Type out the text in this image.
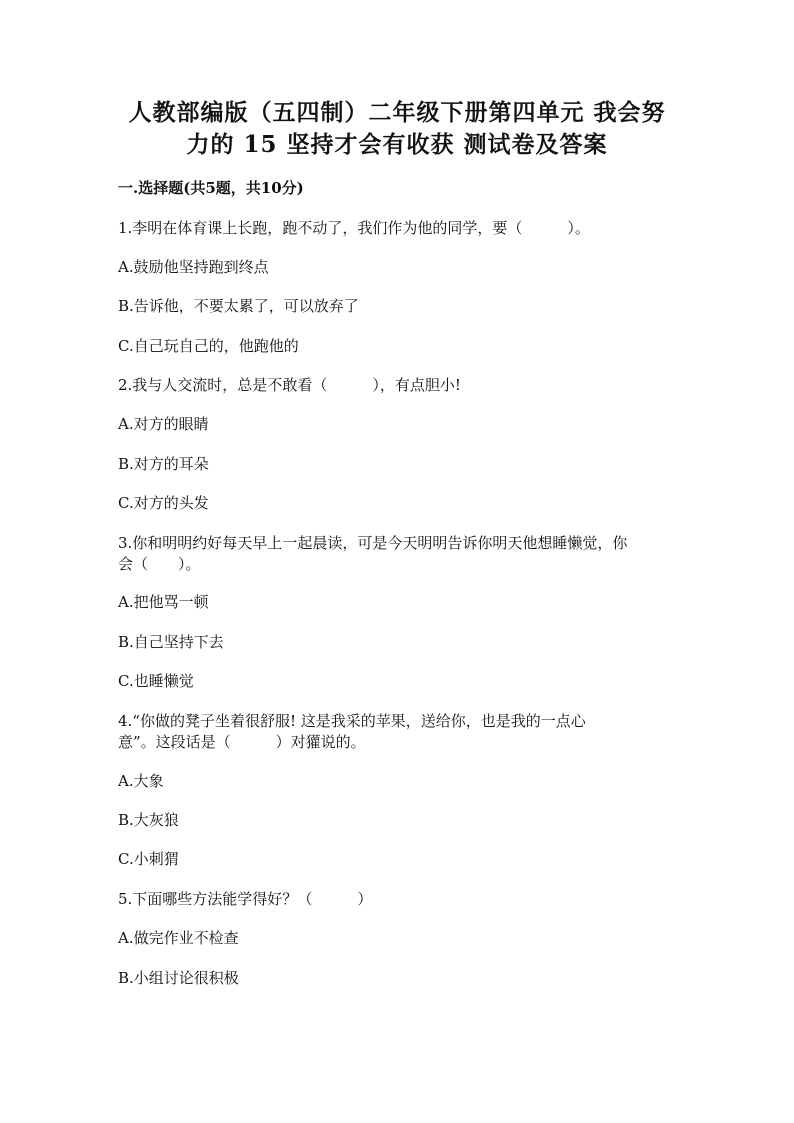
人教部编版（五四制）二年级下册第四单元 我会努
力的 15 坚持才会有收获 测试卷及答案
一.选择题(共5题，共10分)
1.李明在体育课上长跑，跑不动了，我们作为他的同学，要（　　　）。
A.鼓励他坚持跑到终点
B.告诉他，不要太累了，可以放弃了
C.自己玩自己的，他跑他的
2.我与人交流时，总是不敢看（　　　），有点胆小!
A.对方的眼睛
B.对方的耳朵
C.对方的头发
3.你和明明约好每天早上一起晨读，可是今天明明告诉你明天他想睡懒觉，你
会（　　）。
A.把他骂一顿
B.自己坚持下去
C.也睡懒觉
4.“你做的凳子坐着很舒服! 这是我采的苹果，送给你，也是我的一点心
意”。这段话是（　　　）对獾说的。
A.大象
B.大灰狼
C.小刺猬
5.下面哪些方法能学得好？（　　　）
A.做完作业不检查
B.小组讨论很积极
